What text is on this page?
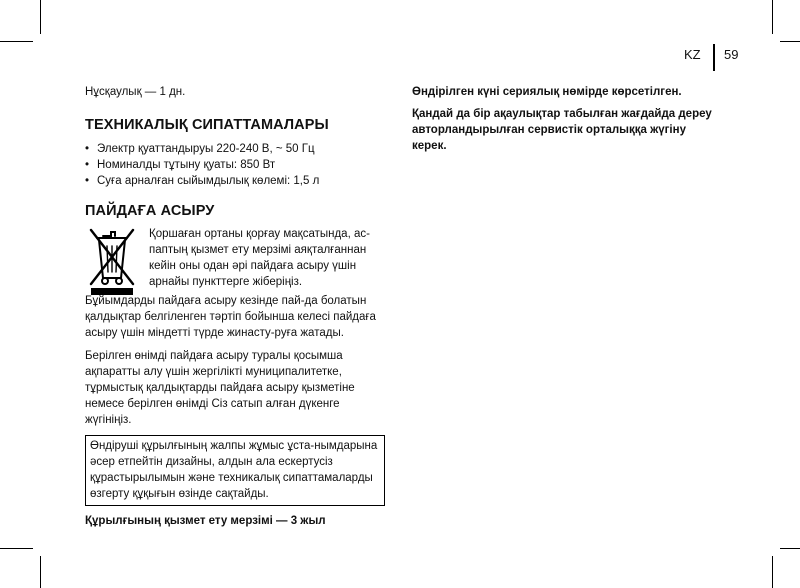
KZ 59

Нұсқаулық — 1 дн.

ТЕХНИКАЛЫҚ СИПАТТАМАЛАРЫ
• Электр қуаттандыруы 220-240 В, ~ 50 Гц
• Номиналды тұтыну қуаты: 850 Вт
• Суға арналған сыйымдылық көлемі: 1,5 л
ПАЙДАҒА АСЫРУ

Қоршаған ортаны қорғау мақсатында, ас-паптың қызмет ету мерзімі аяқталғаннан кейін оны одан әрі пайдаға асыру үшін арнайы пункттерге жіберіңіз.

Бұйымдарды пайдаға асыру кезінде пай-да болатын қалдықтар белгіленген тәртіп бойынша келесі пайдаға асыру үшін міндетті түрде жинасту-руға жатады.

Берілген өнімді пайдаға асыру туралы қосымша ақпаратты алу үшін жергілікті муниципалитетке, тұрмыстық қалдықтарды пайдаға асыру қызметіне немесе берілген өнімді Сіз сатып алған дүкенге жүгініңіз.

Өндіруші құрылғының жалпы жұмыс ұста-нымдарына әсер етпейтін дизайны, алдын ала ескертусіз құрастырылымын және техникалық сипаттамаларды өзгерту құқығын өзінде сақтайды.

Құрылғының қызмет ету мерзімі — 3 жыл

Өндірілген күні сериялық нөмірде көрсетілген.

Қандай да бір ақаулықтар табылған жағдайда дереу авторландырылған сервистік орталыққа жүгіну керек.
